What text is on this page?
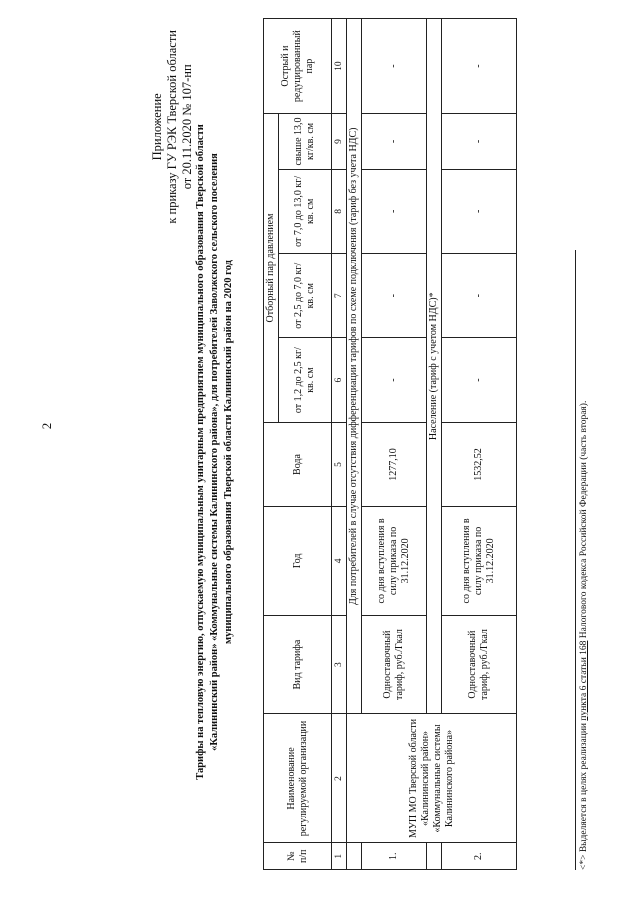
2
Приложение к приказу ГУ РЭК Тверской области от 20.11.2020 № 107-нп Тарифы на тепловую энергию, отпускаемую муниципальным унитарным предприятием муниципального образования Тверской области «Калининский район» «Коммунальные системы Калининского района», для потребителей Заволжского сельского поселения муниципального образования Тверской области Калининский район на 2020 год
№ п/п	Наименование регулируемой организации	Вид тарифа	Год	Вода	Отборный пар давлением				Острый и редуцированный пар
					от 1,2 до 2,5 кг/кв. см	от 2,5 до 7,0 кг/кв. см	от 7,0 до 13,0 кг/кв. см	свыше 13,0 кг/кв. см	
1	2	3	4	5	6	7	8	9	10
	МУП МО Тверской области «Калининский район» «Коммунальные системы Калининского района»	Для потребителей в случае отсутствия дифференциации тарифов по схеме подключения (тариф без учета НДС)							
1.		Одноставочный тариф, руб./Гкал	со дня вступления в силу приказа по 31.12.2020	1277,10	-	-	-	-	-
		Население (тариф с учетом НДС)*							
2.		Одноставочный тариф, руб./Гкал	со дня вступления в силу приказа по 31.12.2020	1532,52	-	-	-	-	-
<*> Выделяется в целях реализации пункта 6 статьи 168 Налогового кодекса Российской Федерации (часть вторая).
